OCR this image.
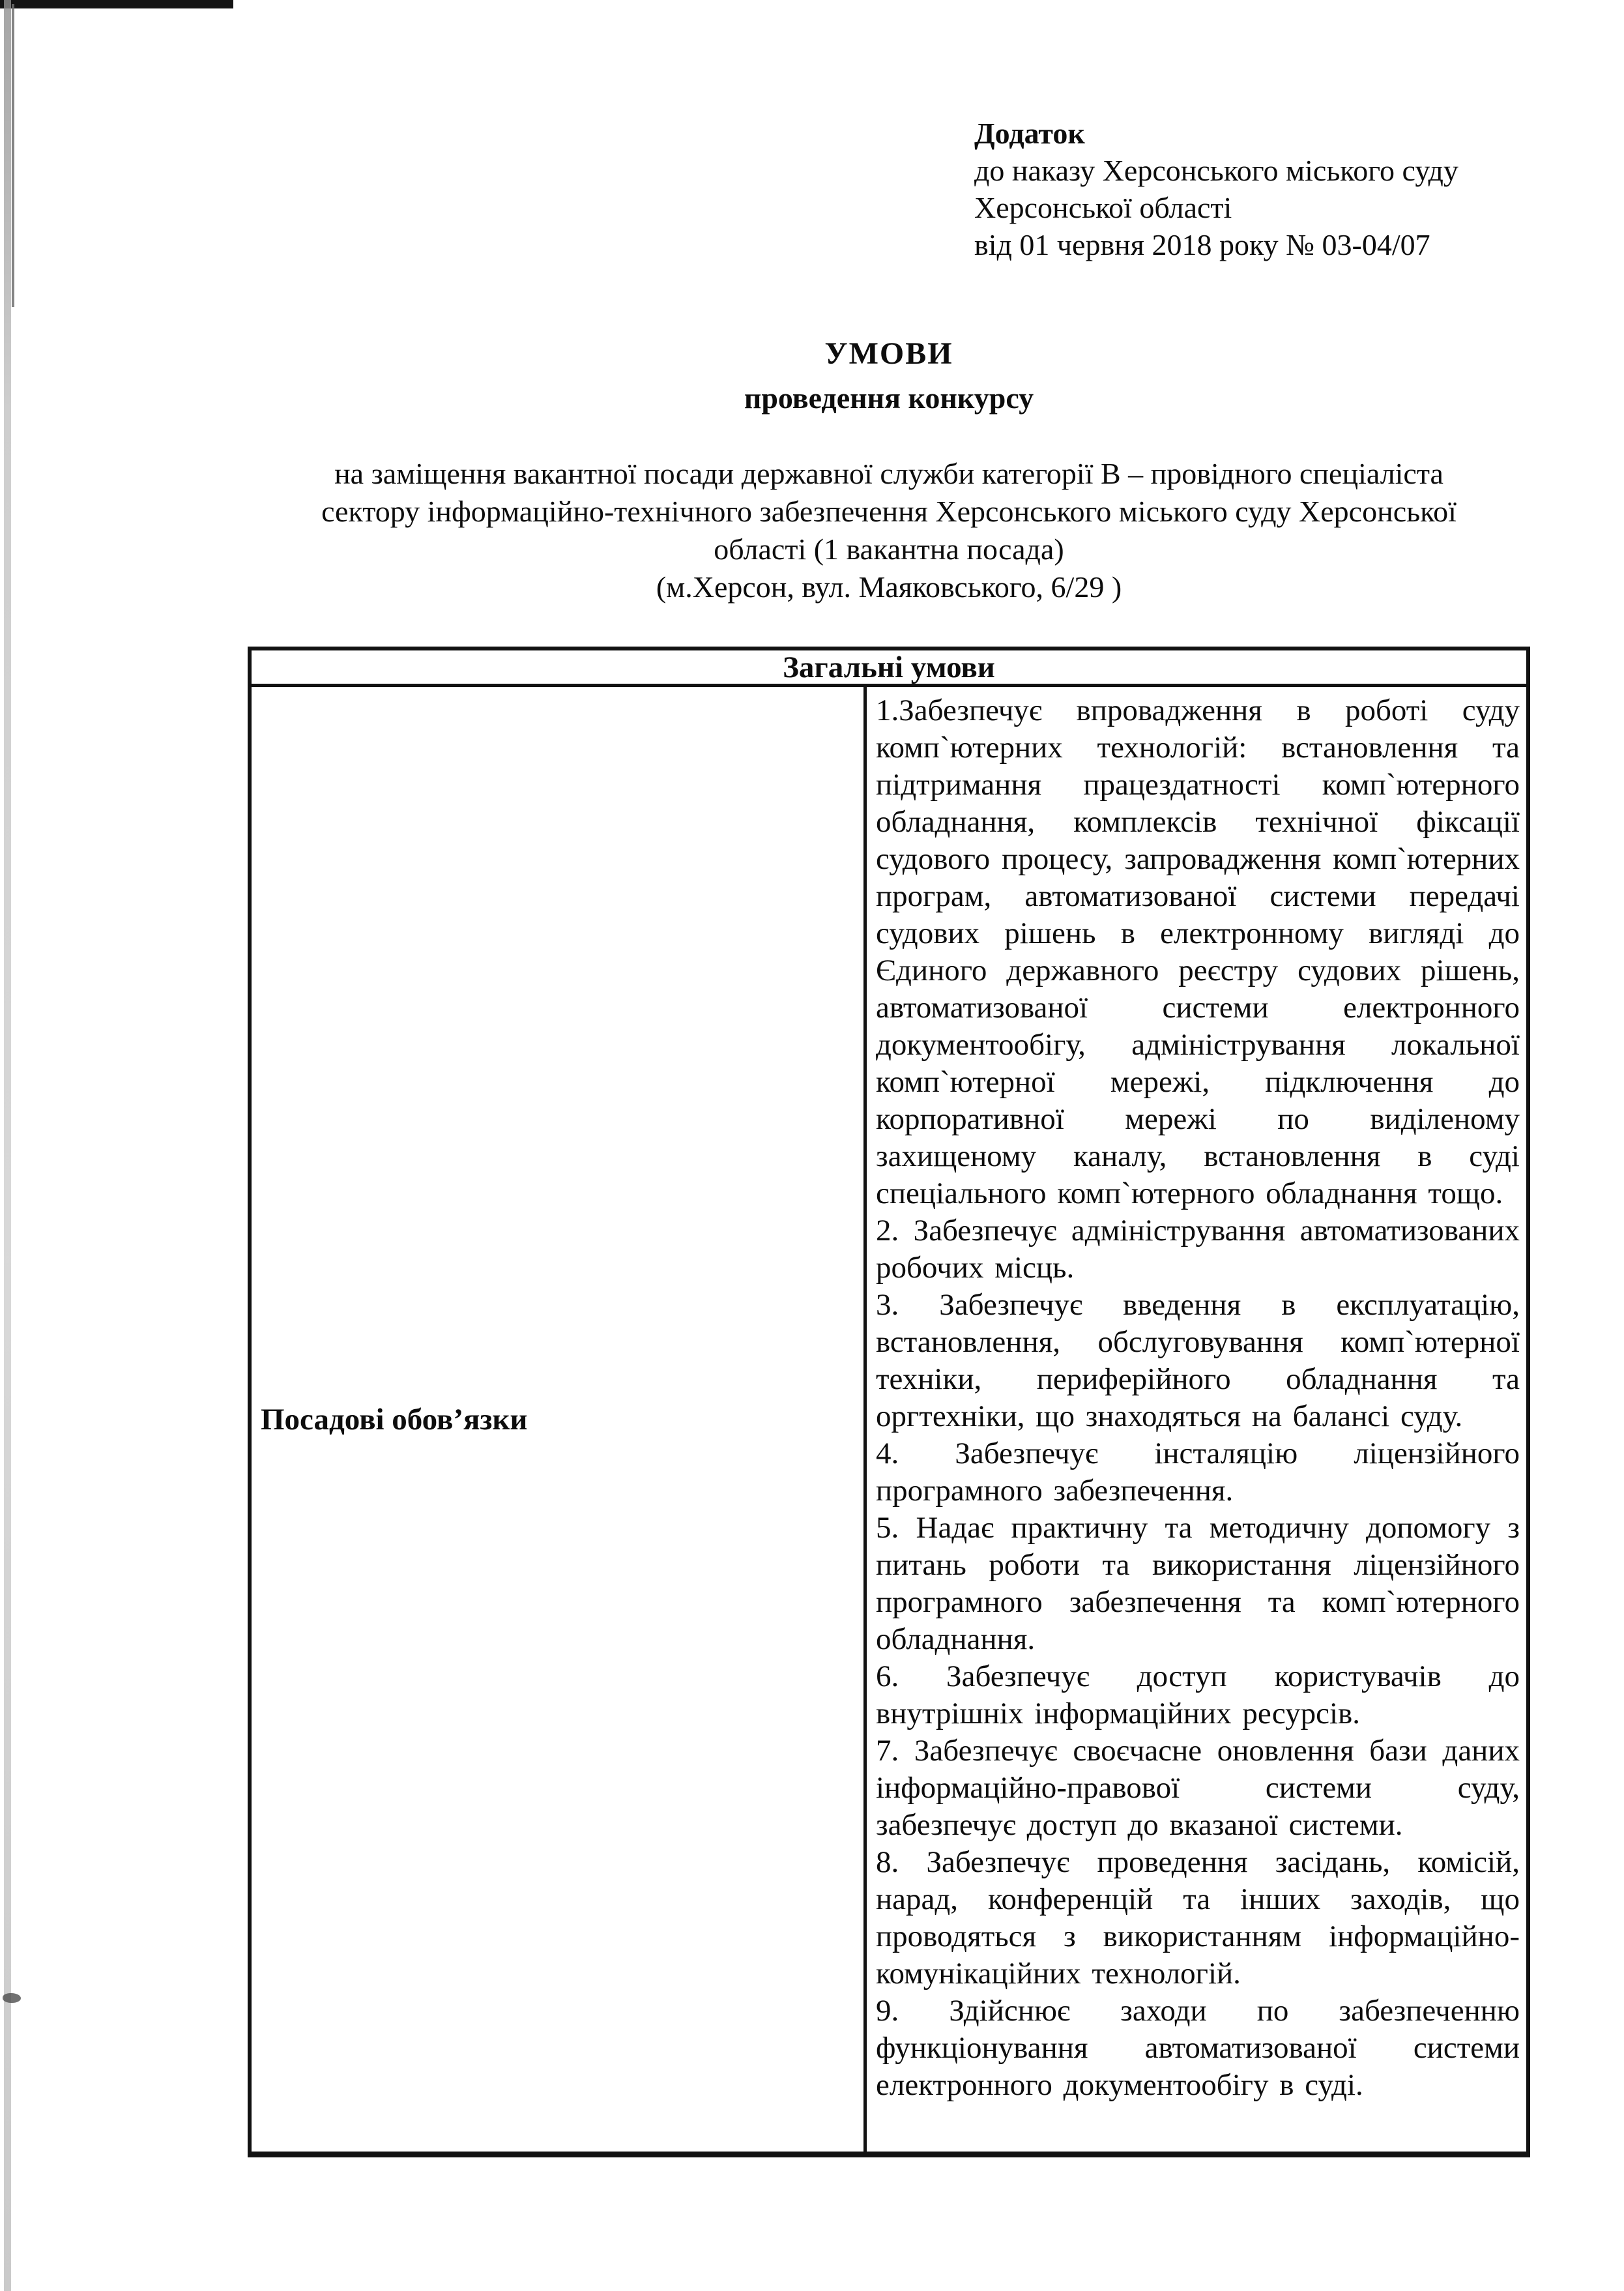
Додаток
до наказу Херсонського міського суду
Херсонської області
від 01 червня 2018 року № 03-04/07
УМОВИ
проведення конкурсу
на заміщення вакантної посади державної служби категорії В – провідного спеціаліста
сектору інформаційно-технічного забезпечення Херсонського міського суду Херсонської
області (1 вакантна посада)
(м.Херсон, вул. Маяковського, 6/29 )
Загальні умови
Посадові обов’язки

1.Забезпечує впровадження в роботі суду комп`ютерних технологій: встановлення та підтримання працездатності комп`ютерного обладнання, комплексів технічної фіксації судового процесу, запровадження комп`ютерних програм, автоматизованої системи передачі судових рішень в електронному вигляді до Єдиного державного реєстру судових рішень, автоматизованої системи електронного документообігу, адміністрування локальної комп`ютерної мережі, підключення до корпоративної мережі по виділеному захищеному каналу, встановлення в суді спеціального комп`ютерного обладнання тощо.

2. Забезпечує адміністрування автоматизованих робочих місць.

3. Забезпечує введення в експлуатацію, встановлення, обслуговування комп`ютерної техніки, периферійного обладнання та оргтехніки, що знаходяться на балансі суду.

4. Забезпечує інсталяцію ліцензійного програмного забезпечення.

5. Надає практичну та методичну допомогу з питань роботи та використання ліцензійного програмного забезпечення та комп`ютерного обладнання.

6. Забезпечує доступ користувачів до внутрішніх інформаційних ресурсів.

7. Забезпечує своєчасне оновлення бази даних інформаційно-правової системи суду, забезпечує доступ до вказаної системи.

8. Забезпечує проведення засідань, комісій, нарад, конференцій та інших заходів, що проводяться з використанням інформаційно-комунікаційних технологій.

9. Здійснює заходи по забезпеченню функціонування автоматизованої системи електронного документообігу в суді.
